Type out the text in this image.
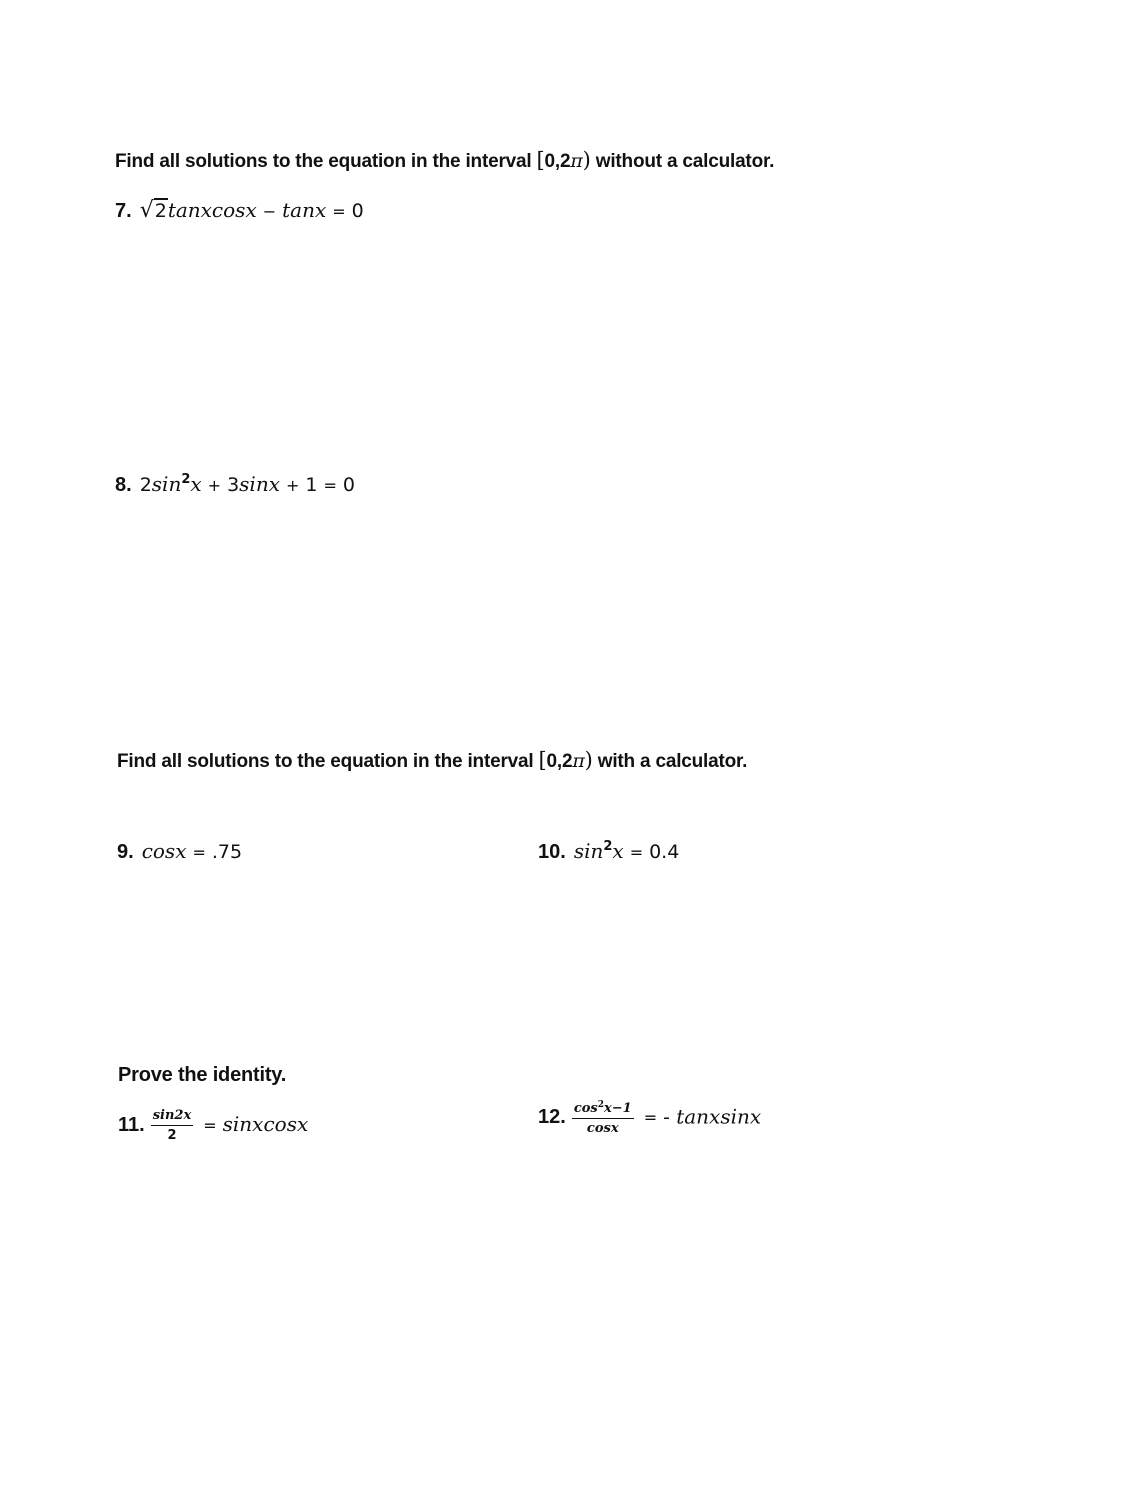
Find all solutions to the equation in the interval [0,2π) without a calculator.
7. √2tanxcosx − tanx = 0
8. $2\sin^2x + 3\sin x + 1 = 0$
Find all solutions to the equation in the interval [0,2π) with a calculator.
9. cosx = .75	10. $\sin^2x = 0.4$
Prove the identity.
11. $\frac{\sin 2x}{2}$ = sinxcosx	12. $\frac{\cos^2x-1}{\cos x}$ = - tanxsinx
